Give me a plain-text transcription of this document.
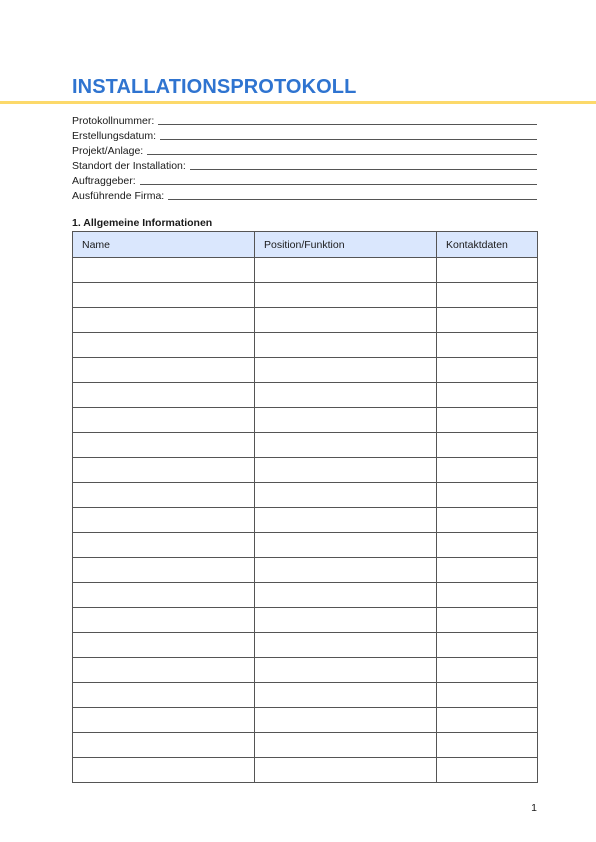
INSTALLATIONSPROTOKOLL
Protokollnummer:
Erstellungsdatum:
Projekt/Anlage:
Standort der Installation:
Auftraggeber:
Ausführende Firma:
1. Allgemeine Informationen
Name	Position/Funktion	Kontaktdaten

1
